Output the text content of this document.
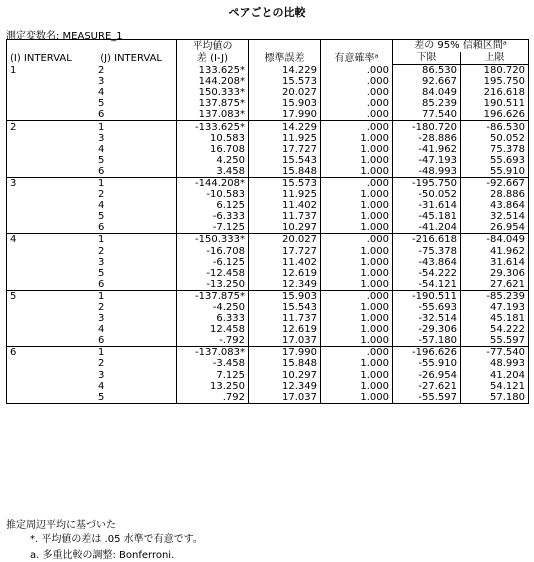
ペアごとの比較
測定変数名: MEASURE_1
(I) INTERVAL (J) INTERVAL	平均値の
差 (I-J)	標準誤差	有意確率ᵃ	差の 95% 信頼区間ᵃ	
				下限	上限
1 2	133.625*	14.229	.000	86.530	180.720
3	144.208*	15.573	.000	92.667	195.750
4	150.333*	20.027	.000	84.049	216.618
5	137.875*	15.903	.000	85.239	190.511
6	137.083*	17.990	.000	77.540	196.626
2 1	-133.625*	14.229	.000	-180.720	-86.530
3	10.583	11.925	1.000	-28.886	50.052
4	16.708	17.727	1.000	-41.962	75.378
5	4.250	15.543	1.000	-47.193	55.693
6	3.458	15.848	1.000	-48.993	55.910
3 1	-144.208*	15.573	.000	-195.750	-92.667
2	-10.583	11.925	1.000	-50.052	28.886
4	6.125	11.402	1.000	-31.614	43.864
5	-6.333	11.737	1.000	-45.181	32.514
6	-7.125	10.297	1.000	-41.204	26.954
4 1	-150.333*	20.027	.000	-216.618	-84.049
2	-16.708	17.727	1.000	-75.378	41.962
3	-6.125	11.402	1.000	-43.864	31.614
5	-12.458	12.619	1.000	-54.222	29.306
6	-13.250	12.349	1.000	-54.121	27.621
5 1	-137.875*	15.903	.000	-190.511	-85.239
2	-4.250	15.543	1.000	-55.693	47.193
3	6.333	11.737	1.000	-32.514	45.181
4	12.458	12.619	1.000	-29.306	54.222
6	-.792	17.037	1.000	-57.180	55.597
6 1	-137.083*	17.990	.000	-196.626	-77.540
2	-3.458	15.848	1.000	-55.910	48.993
3	7.125	10.297	1.000	-26.954	41.204
4	13.250	12.349	1.000	-27.621	54.121
5	.792	17.037	1.000	-55.597	57.180
推定周辺平均に基づいた
*. 平均値の差は .05 水準で有意です。
a. 多重比較の調整: Bonferroni.
